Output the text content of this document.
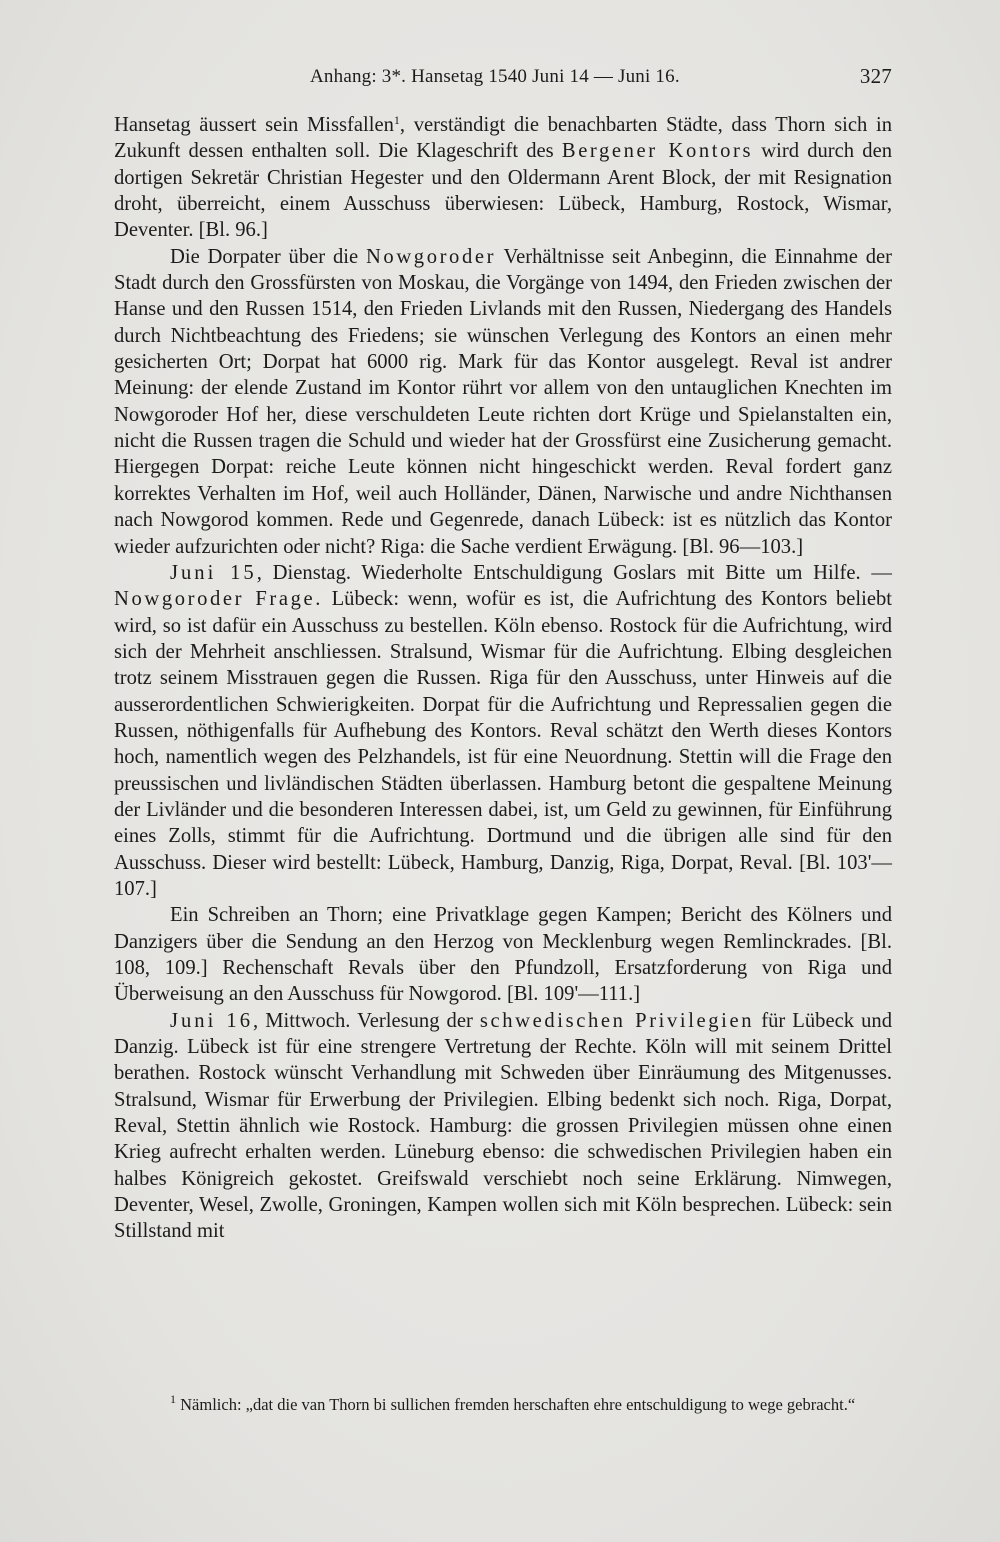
Anhang: 3*. Hansetag 1540 Juni 14 — Juni 16.	327

Hansetag äussert sein Missfallen$^1$, verständigt die benachbarten Städte, dass Thorn sich in Zukunft dessen enthalten soll. Die Klageschrift des Bergener Kontors wird durch den dortigen Sekretär Christian Hegester und den Oldermann Arent Block, der mit Resignation droht, überreicht, einem Ausschuss überwiesen: Lübeck, Hamburg, Rostock, Wismar, Deventer. [Bl. 96.]

Die Dorpater über die Nowgoroder Verhältnisse seit Anbeginn, die Einnahme der Stadt durch den Grossfürsten von Moskau, die Vorgänge von 1494, den Frieden zwischen der Hanse und den Russen 1514, den Frieden Livlands mit den Russen, Niedergang des Handels durch Nichtbeachtung des Friedens; sie wünschen Verlegung des Kontors an einen mehr gesicherten Ort; Dorpat hat 6000 rig. Mark für das Kontor ausgelegt. Reval ist andrer Meinung: der elende Zustand im Kontor rührt vor allem von den untauglichen Knechten im Nowgoroder Hof her, diese verschuldeten Leute richten dort Krüge und Spielanstalten ein, nicht die Russen tragen die Schuld und wieder hat der Grossfürst eine Zusicherung gemacht. Hiergegen Dorpat: reiche Leute können nicht hingeschickt werden. Reval fordert ganz korrektes Verhalten im Hof, weil auch Holländer, Dänen, Narwische und andre Nichthansen nach Nowgorod kommen. Rede und Gegenrede, danach Lübeck: ist es nützlich das Kontor wieder aufzurichten oder nicht? Riga: die Sache verdient Erwägung. [Bl. 96—103.]

Juni 15, Dienstag. Wiederholte Entschuldigung Goslars mit Bitte um Hilfe. — Nowgoroder Frage. Lübeck: wenn, wofür es ist, die Aufrichtung des Kontors beliebt wird, so ist dafür ein Ausschuss zu bestellen. Köln ebenso. Rostock für die Aufrichtung, wird sich der Mehrheit anschliessen. Stralsund, Wismar für die Aufrichtung. Elbing desgleichen trotz seinem Misstrauen gegen die Russen. Riga für den Ausschuss, unter Hinweis auf die ausserordentlichen Schwierigkeiten. Dorpat für die Aufrichtung und Repressalien gegen die Russen, nöthigenfalls für Aufhebung des Kontors. Reval schätzt den Werth dieses Kontors hoch, namentlich wegen des Pelzhandels, ist für eine Neuordnung. Stettin will die Frage den preussischen und livländischen Städten überlassen. Hamburg betont die gespaltene Meinung der Livländer und die besonderen Interessen dabei, ist, um Geld zu gewinnen, für Einführung eines Zolls, stimmt für die Aufrichtung. Dortmund und die übrigen alle sind für den Ausschuss. Dieser wird bestellt: Lübeck, Hamburg, Danzig, Riga, Dorpat, Reval. [Bl. 103'—107.]

Ein Schreiben an Thorn; eine Privatklage gegen Kampen; Bericht des Kölners und Danzigers über die Sendung an den Herzog von Mecklenburg wegen Remlinckrades. [Bl. 108, 109.] Rechenschaft Revals über den Pfundzoll, Ersatzforderung von Riga und Überweisung an den Ausschuss für Nowgorod. [Bl. 109'—111.]

Juni 16, Mittwoch. Verlesung der schwedischen Privilegien für Lübeck und Danzig. Lübeck ist für eine strengere Vertretung der Rechte. Köln will mit seinem Drittel berathen. Rostock wünscht Verhandlung mit Schweden über Einräumung des Mitgenusses. Stralsund, Wismar für Erwerbung der Privilegien. Elbing bedenkt sich noch. Riga, Dorpat, Reval, Stettin ähnlich wie Rostock. Hamburg: die grossen Privilegien müssen ohne einen Krieg aufrecht erhalten werden. Lüneburg ebenso: die schwedischen Privilegien haben ein halbes Königreich gekostet. Greifswald verschiebt noch seine Erklärung. Nimwegen, Deventer, Wesel, Zwolle, Groningen, Kampen wollen sich mit Köln besprechen. Lübeck: sein Stillstand mit

$^1$ Nämlich: „dat die van Thorn bi sullichen fremden herschaften ehre entschuldigung to wege gebracht.“
